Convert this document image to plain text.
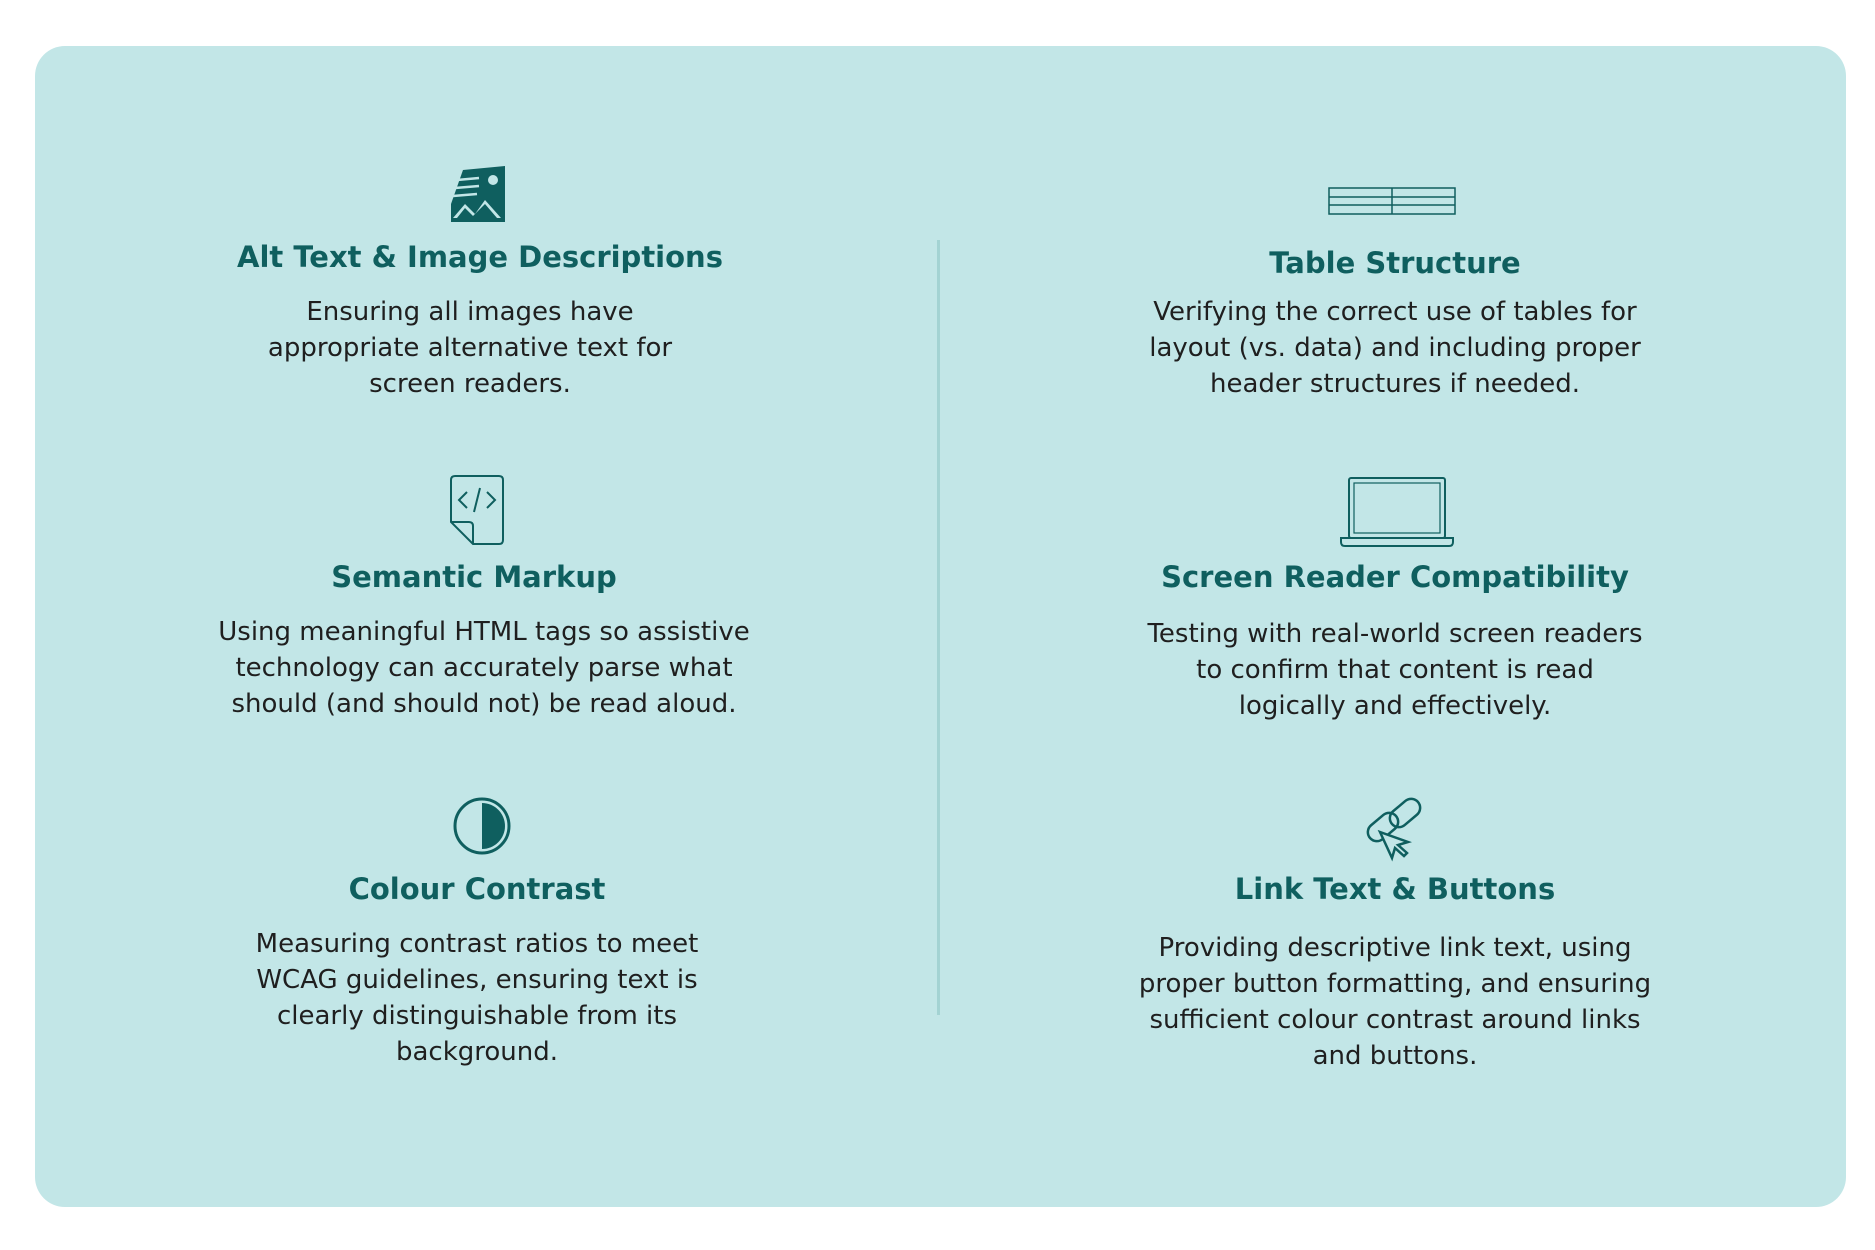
Alt Text & Image Descriptions
Ensuring all images have
appropriate alternative text for
screen readers.
Semantic Markup
Using meaningful HTML tags so assistive
technology can accurately parse what
should (and should not) be read aloud.
Colour Contrast
Measuring contrast ratios to meet
WCAG guidelines, ensuring text is
clearly distinguishable from its
background.
Table Structure
Verifying the correct use of tables for
layout (vs. data) and including proper
header structures if needed.
Screen Reader Compatibility
Testing with real-world screen readers
to confirm that content is read
logically and effectively.
Link Text & Buttons
Providing descriptive link text, using
proper button formatting, and ensuring
sufficient colour contrast around links
and buttons.
